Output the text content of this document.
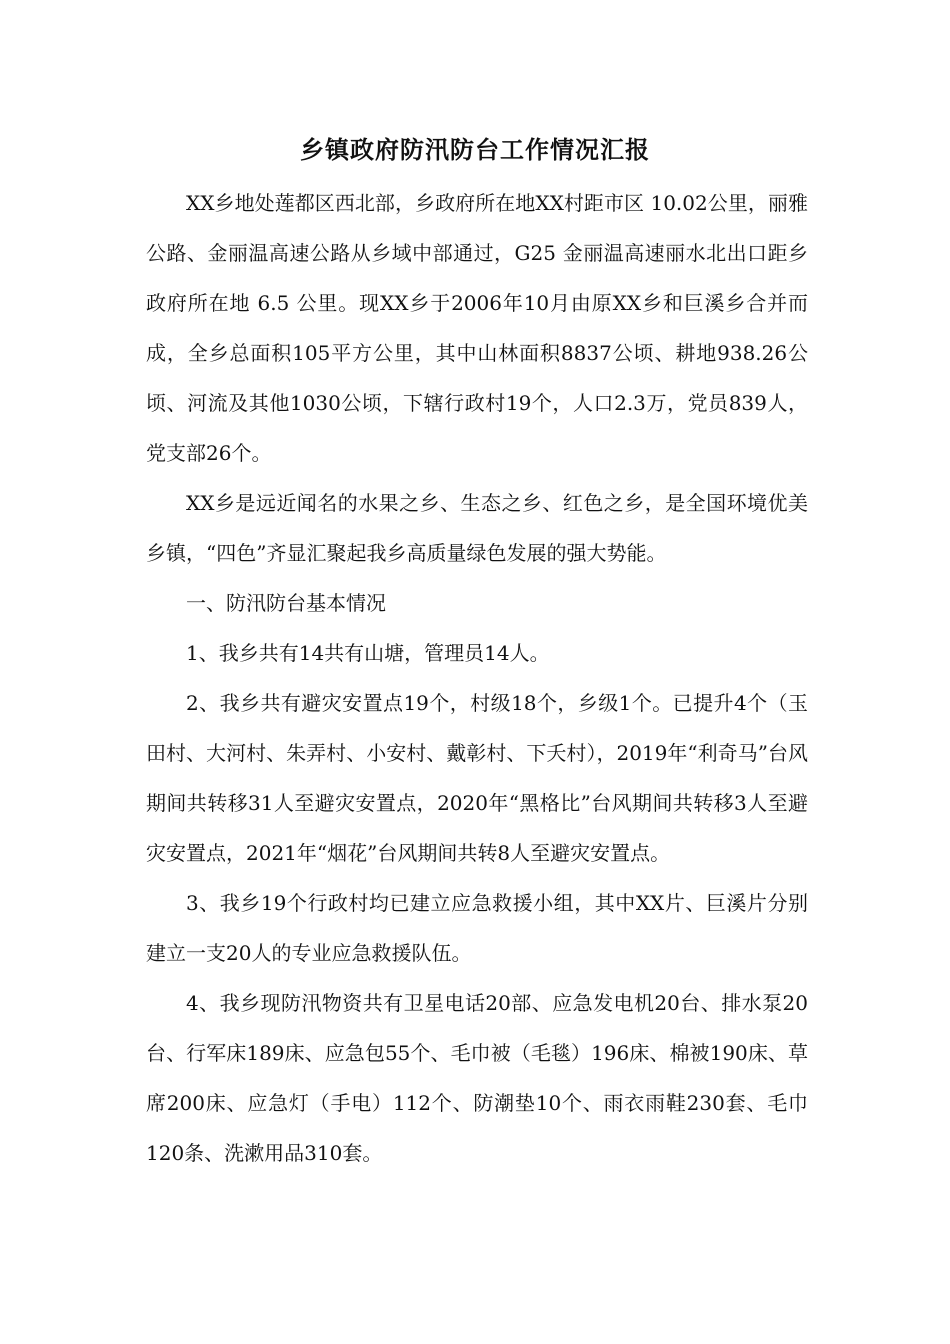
乡镇政府防汛防台工作情况汇报

XX乡地处莲都区西北部，乡政府所在地XX村距市区 10.02公里，丽雅公路、金丽温高速公路从乡域中部通过，G25 金丽温高速丽水北出口距乡政府所在地 6.5 公里。现XX乡于2006年10月由原XX乡和巨溪乡合并而成，全乡总面积105平方公里，其中山林面积8837公顷、耕地938.26公顷、河流及其他1030公顷，下辖行政村19个，人口2.3万，党员839人，党支部26个。

XX乡是远近闻名的水果之乡、生态之乡、红色之乡，是全国环境优美乡镇，“四色”齐显汇聚起我乡高质量绿色发展的强大势能。

一、防汛防台基本情况

1、我乡共有14共有山塘，管理员14人。

2、我乡共有避灾安置点19个，村级18个，乡级1个。已提升4个（玉田村、大河村、朱弄村、小安村、戴彰村、下夭村），2019年“利奇马”台风期间共转移31人至避灾安置点，2020年“黑格比”台风期间共转移3人至避灾安置点，2021年“烟花”台风期间共转8人至避灾安置点。

3、我乡19个行政村均已建立应急救援小组，其中XX片、巨溪片分别建立一支20人的专业应急救援队伍。

4、我乡现防汛物资共有卫星电话20部、应急发电机20台、排水泵20台、行军床189床、应急包55个、毛巾被（毛毯）196床、棉被190床、草席200床、应急灯（手电）112个、防潮垫10个、雨衣雨鞋230套、毛巾120条、洗漱用品310套。
